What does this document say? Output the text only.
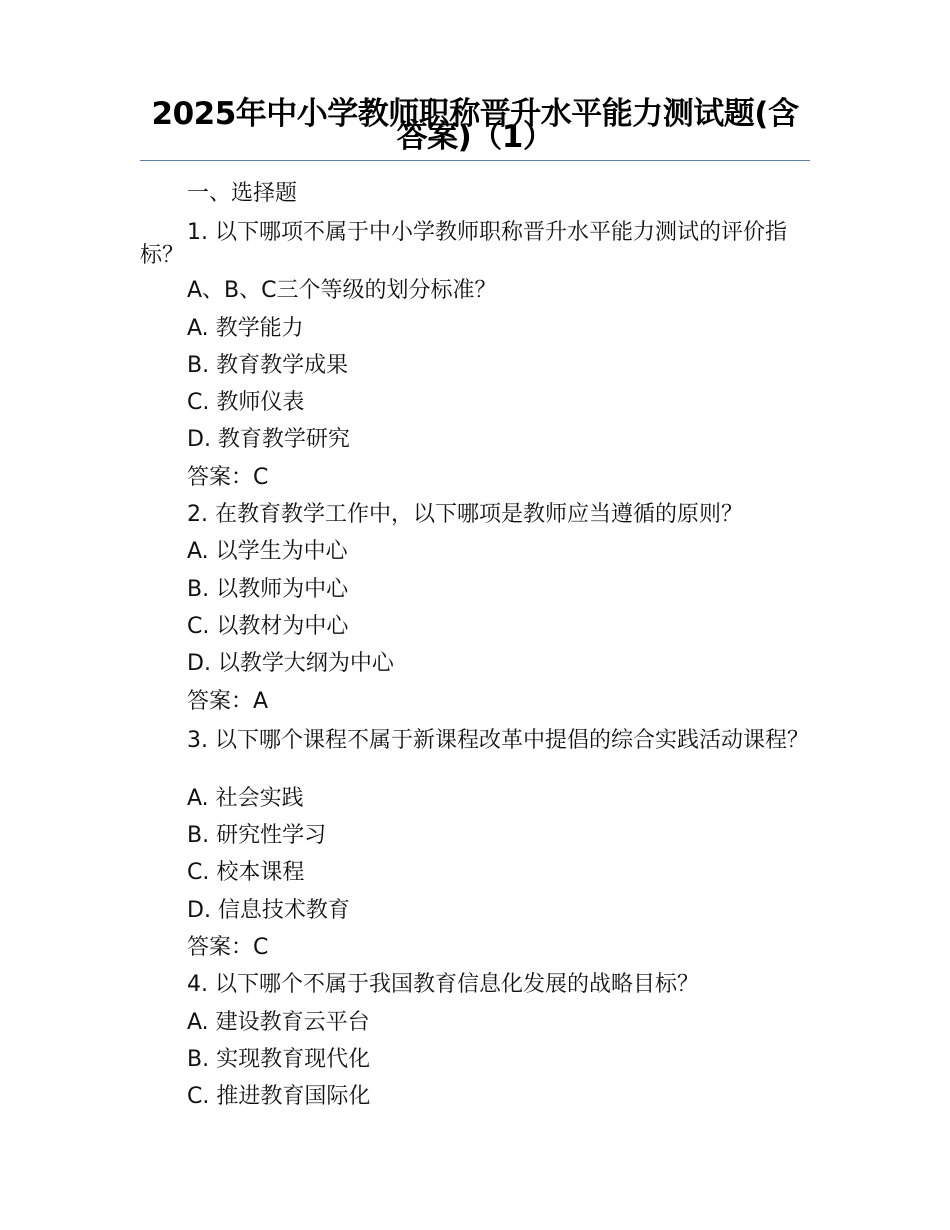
2025年中小学教师职称晋升水平能力测试题(含答案)（1）
一、选择题
1. 以下哪项不属于中小学教师职称晋升水平能力测试的评价指标？
A、B、C三个等级的划分标准？
A. 教学能力
B. 教育教学成果
C. 教师仪表
D. 教育教学研究
答案：C
2. 在教育教学工作中，以下哪项是教师应当遵循的原则？
A. 以学生为中心
B. 以教师为中心
C. 以教材为中心
D. 以教学大纲为中心
答案：A
3. 以下哪个课程不属于新课程改革中提倡的综合实践活动课程？
A. 社会实践
B. 研究性学习
C. 校本课程
D. 信息技术教育
答案：C
4. 以下哪个不属于我国教育信息化发展的战略目标？
A. 建设教育云平台
B. 实现教育现代化
C. 推进教育国际化
